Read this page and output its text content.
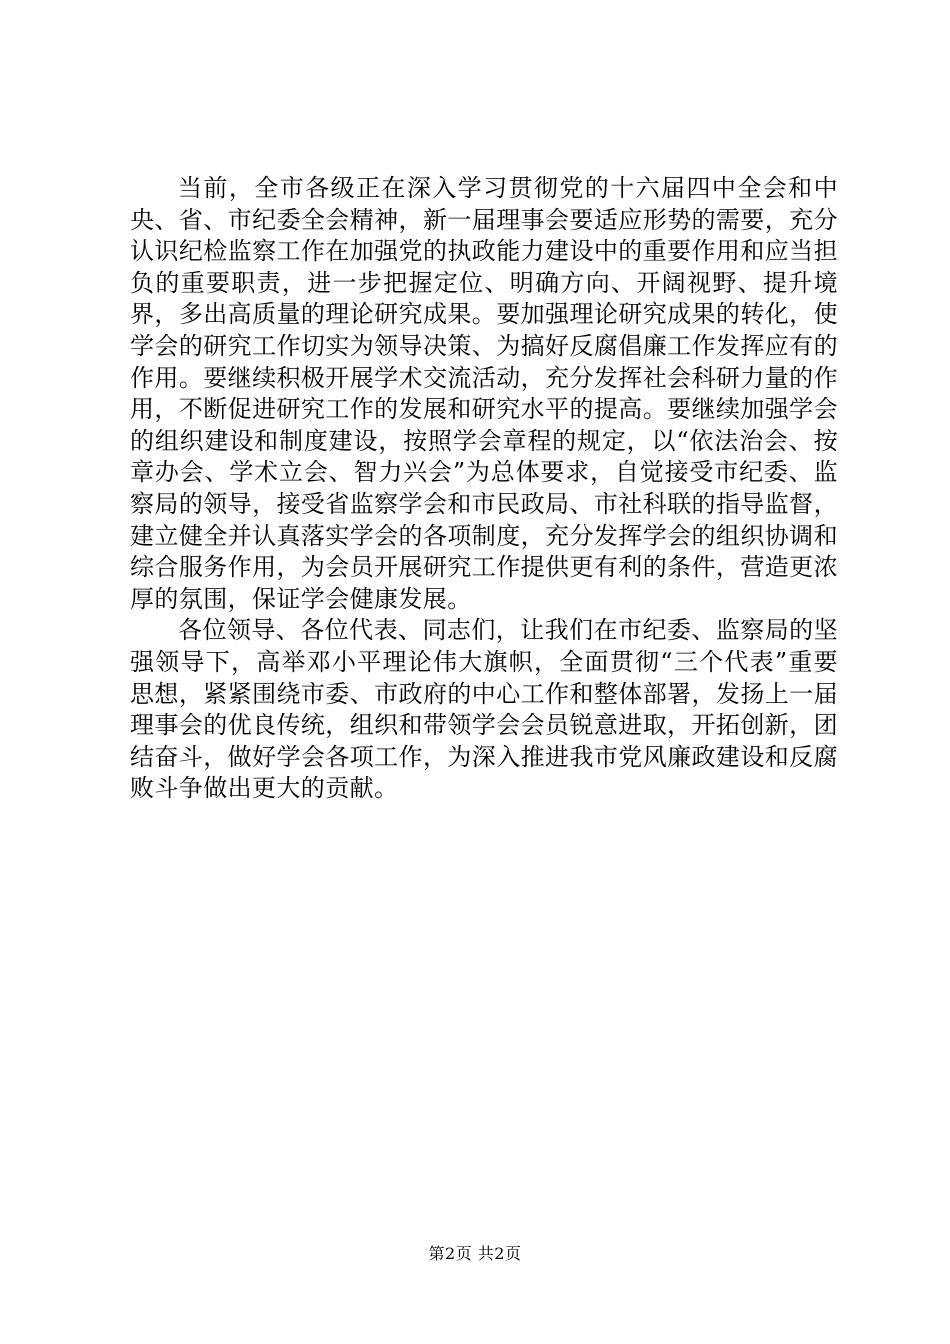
当前，全市各级正在深入学习贯彻党的十六届四中全会和中央、省、市纪委全会精神，新一届理事会要适应形势的需要，充分认识纪检监察工作在加强党的执政能力建设中的重要作用和应当担负的重要职责，进一步把握定位、明确方向、开阔视野、提升境界，多出高质量的理论研究成果。要加强理论研究成果的转化，使学会的研究工作切实为领导决策、为搞好反腐倡廉工作发挥应有的作用。要继续积极开展学术交流活动，充分发挥社会科研力量的作用，不断促进研究工作的发展和研究水平的提高。要继续加强学会的组织建设和制度建设，按照学会章程的规定，以“依法治会、按章办会、学术立会、智力兴会”为总体要求，自觉接受市纪委、监察局的领导，接受省监察学会和市民政局、市社科联的指导监督，建立健全并认真落实学会的各项制度，充分发挥学会的组织协调和综合服务作用，为会员开展研究工作提供更有利的条件，营造更浓厚的氛围，保证学会健康发展。

各位领导、各位代表、同志们，让我们在市纪委、监察局的坚强领导下，高举邓小平理论伟大旗帜，全面贯彻“三个代表”重要思想，紧紧围绕市委、市政府的中心工作和整体部署，发扬上一届理事会的优良传统，组织和带领学会会员锐意进取，开拓创新，团结奋斗，做好学会各项工作，为深入推进我市党风廉政建设和反腐败斗争做出更大的贡献。

第2页 共2页
